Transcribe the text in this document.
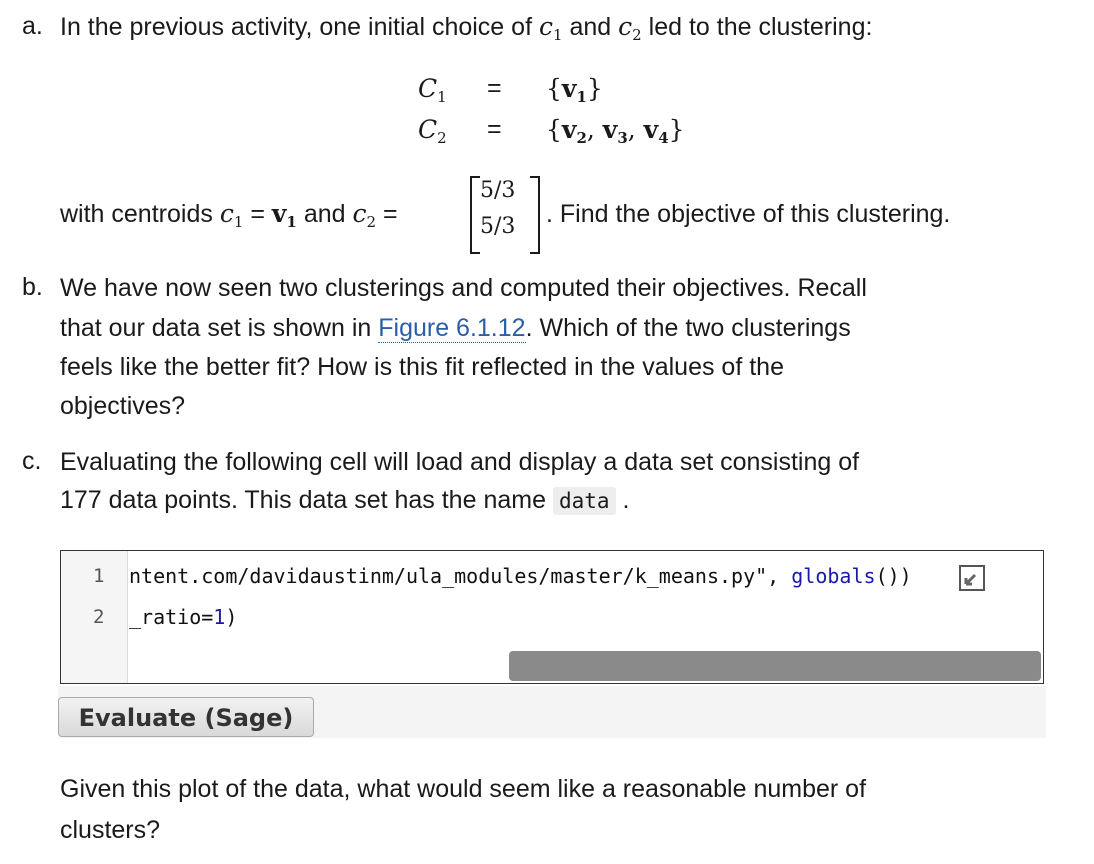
a. In the previous activity, one initial choice of $c_1$ and $c_2$ led to the clustering:
$C_1 = \{v_1\}$
$C_2 = \{v_2$, $v_3$, $v_4$}
with centroids $c_1 = v_1$ and $c_2$ =
5/3
5/3 . Find the objective of this clustering.
b. We have now seen two clusterings and computed their objectives. Recall
that our data set is shown in Figure 6.1.12. Which of the two clusterings
feels like the better fit? How is this fit reflected in the values of the
objectives?
c. Evaluating the following cell will load and display a data set consisting of
177 data points. This data set has the name data .
1
2
ntent.com/davidaustinm/ula_modules/master/k_means.py", globals())
_ratio=1)
Evaluate (Sage)
Given this plot of the data, what would seem like a reasonable number of
clusters?
